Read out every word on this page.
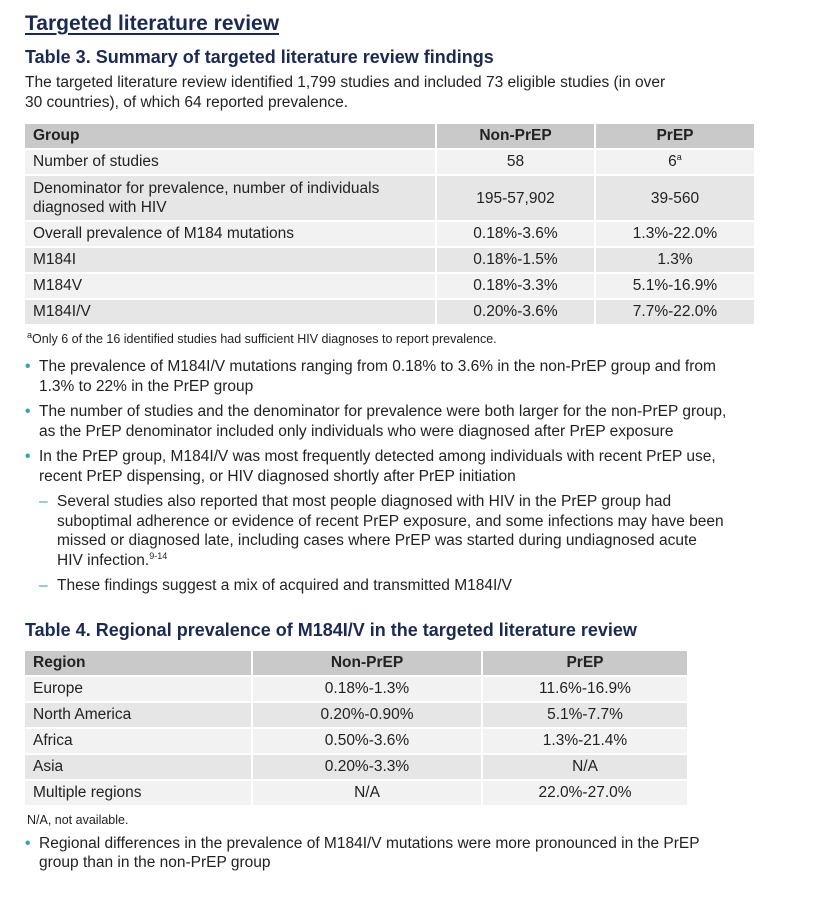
Targeted literature review
Table 3. Summary of targeted literature review findings

The targeted literature review identified 1,799 studies and included 73 eligible studies (in over
30 countries), of which 64 reported prevalence.

Group	Non-PrEP	PrEP
Number of studies	58	6$^a$
Denominator for prevalence, number of individuals
diagnosed with HIV	195-57,902	39-560
Overall prevalence of M184 mutations	0.18%-3.6%	1.3%-22.0%
M184I	0.18%-1.5%	1.3%
M184V	0.18%-3.3%	5.1%-16.9%
M184I/V	0.20%-3.6%	7.7%-22.0%

$^a$Only 6 of the 16 identified studies had sufficient HIV diagnoses to report prevalence.

• The prevalence of M184I/V mutations ranging from 0.18% to 3.6% in the non-PrEP group and from
1.3% to 22% in the PrEP group
• The number of studies and the denominator for prevalence were both larger for the non-PrEP group,
as the PrEP denominator included only individuals who were diagnosed after PrEP exposure
• In the PrEP group, M184I/V was most frequently detected among individuals with recent PrEP use,
recent PrEP dispensing, or HIV diagnosed shortly after PrEP initiation
– Several studies also reported that most people diagnosed with HIV in the PrEP group had
suboptimal adherence or evidence of recent PrEP exposure, and some infections may have been
missed or diagnosed late, including cases where PrEP was started during undiagnosed acute
HIV infection.$^{9-14}$
– These findings suggest a mix of acquired and transmitted M184I/V
Table 4. Regional prevalence of M184I/V in the targeted literature review
Region	Non-PrEP	PrEP
Europe	0.18%-1.3%	11.6%-16.9%
North America	0.20%-0.90%	5.1%-7.7%
Africa	0.50%-3.6%	1.3%-21.4%
Asia	0.20%-3.3%	N/A
Multiple regions	N/A	22.0%-27.0%

N/A, not available.

• Regional differences in the prevalence of M184I/V mutations were more pronounced in the PrEP
group than in the non-PrEP group
